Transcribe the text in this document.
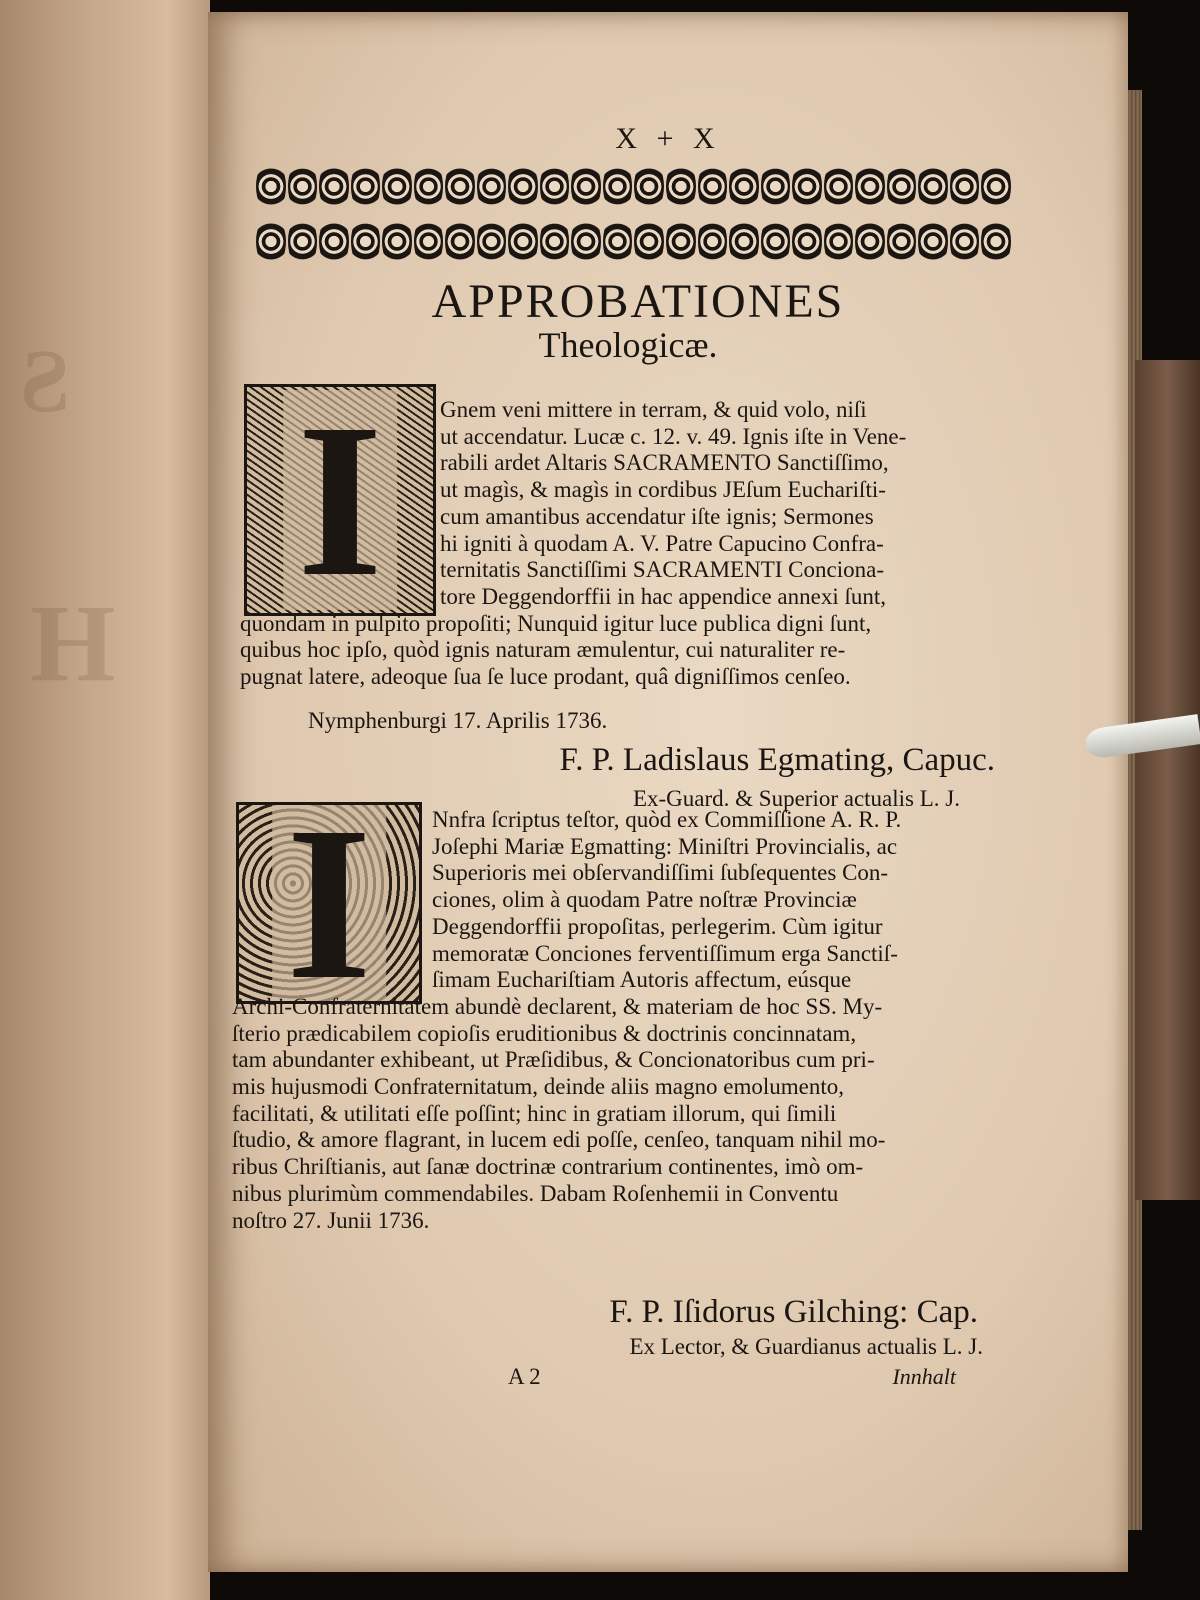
S
H
X + X
APPROBATIONES
Theologicæ.
I	Gnem veni mittere in terram, & quid volo, niſi
ut accendatur. Lucæ c. 12. v. 49. Ignis iſte in Vene-
rabili ardet Altaris SACRAMENTO Sanctiſſimo,
ut magìs, & magìs in cordibus JEſum Euchariſti-
cum amantibus accendatur iſte ignis; Sermones
hi igniti à quodam A. V. Patre Capucino Confra-
ternitatis Sanctiſſimi SACRAMENTI Conciona-
tore Deggendorffii in hac appendice annexi ſunt,
quondam in pulpito propoſiti; Nunquid igitur luce publica digni ſunt,
quibus hoc ipſo, quòd ignis naturam æmulentur, cui naturaliter re-
pugnat latere, adeoque ſua ſe luce prodant, quâ digniſſimos cenſeo.
Nymphenburgi 17. Aprilis 1736.
F. P. Ladislaus Egmating, Capuc.
Ex-Guard. & Superior actualis L. J.
I	Nnfra ſcriptus teſtor, quòd ex Commiſſione A. R. P.
Joſephi Mariæ Egmatting: Miniſtri Provincialis, ac
Superioris mei obſervandiſſimi ſubſequentes Con-
ciones, olim à quodam Patre noſtræ Provinciæ
Deggendorffii propoſitas, perlegerim. Cùm igitur
memoratæ Conciones ferventiſſimum erga Sanctiſ-
ſimam Euchariſtiam Autoris affectum, eúsque
Archi-Confraternitatem abundè declarent, & materiam de hoc SS. My-
ſterio prædicabilem copioſis eruditionibus & doctrinis concinnatam,
tam abundanter exhibeant, ut Præſidibus, & Concionatoribus cum pri-
mis hujusmodi Confraternitatum, deinde aliis magno emolumento,
facilitati, & utilitati eſſe poſſint; hinc in gratiam illorum, qui ſimili
ſtudio, & amore flagrant, in lucem edi poſſe, cenſeo, tanquam nihil mo-
ribus Chriſtianis, aut ſanæ doctrinæ contrarium continentes, imò om-
nibus plurimùm commendabiles. Dabam Roſenhemii in Conventu
noſtro 27. Junii 1736.
F. P. Iſidorus Gilching: Cap.
Ex Lector, & Guardianus actualis L. J.
A 2	Innhalt
